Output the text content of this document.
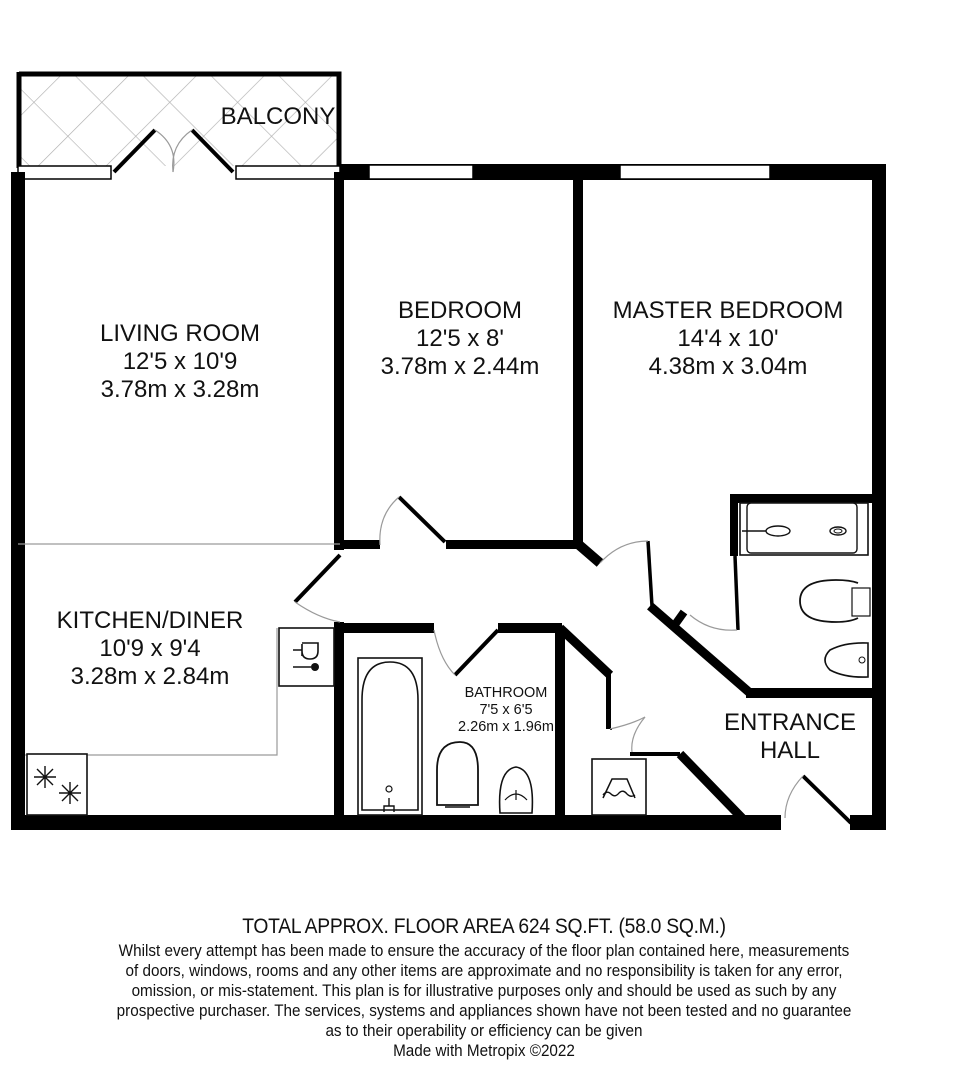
BALCONY
LIVING ROOM
12'5 x 10'9
3.78m x 3.28m
BEDROOM
12'5 x 8'
3.78m x 2.44m
MASTER BEDROOM
14'4 x 10'
4.38m x 3.04m
KITCHEN/DINER
10'9 x 9'4
3.28m x 2.84m
BATHROOM
7'5 x 6'5
2.26m x 1.96m	ENTRANCE
HALL
TOTAL APPROX. FLOOR AREA 624 SQ.FT. (58.0 SQ.M.)
Whilst every attempt has been made to ensure the accuracy of the floor plan contained here, measurements
of doors, windows, rooms and any other items are approximate and no responsibility is taken for any error,
omission, or mis-statement. This plan is for illustrative purposes only and should be used as such by any
prospective purchaser. The services, systems and appliances shown have not been tested and no guarantee
as to their operability or efficiency can be given
Made with Metropix ©2022
